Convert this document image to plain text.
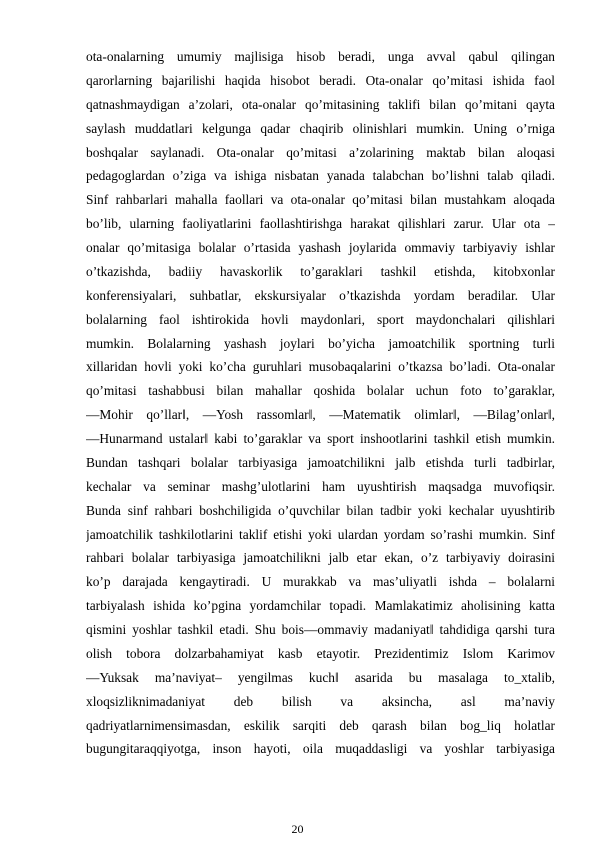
ota-onalarning umumiy majlisiga hisob beradi, unga avval qabul qilingan
qarorlarning bajarilishi haqida hisobot beradi. Ota-onalar qo’mitasi ishida faol
qatnashmaydigan a’zolari, ota-onalar qo’mitasining taklifi bilan qo’mitani qayta
saylash muddatlari kelgunga qadar chaqirib olinishlari mumkin. Uning o’rniga
boshqalar saylanadi. Ota-onalar qo’mitasi a’zolarining maktab bilan aloqasi
pedagoglardan o’ziga va ishiga nisbatan yanada talabchan bo’lishni talab qiladi.
Sinf rahbarlari mahalla faollari va ota-onalar qo’mitasi bilan mustahkam aloqada
bo’lib, ularning faoliyatlarini faollashtirishga harakat qilishlari zarur. Ular ota –
onalar qo’mitasiga bolalar o’rtasida yashash joylarida ommaviy tarbiyaviy ishlar
o’tkazishda, badiiy havaskorlik to’garaklari tashkil etishda, kitobxonlar
konferensiyalari, suhbatlar, ekskursiyalar o’tkazishda yordam beradilar. Ular
bolalarning faol ishtirokida hovli maydonlari, sport maydonchalari qilishlari
mumkin. Bolalarning yashash joylari bo’yicha jamoatchilik sportning turli
xillaridan hovli yoki ko’cha guruhlari musobaqalarini o’tkazsa bo’ladi. Ota-onalar
qo’mitasi tashabbusi bilan mahallar qoshida bolalar uchun foto to’garaklar,
―Mohir qo’llar‖, ―Yosh rassomlar‖, ―Matematik olimlar‖, ―Bilag’onlar‖,
―Hunarmand ustalar‖ kabi to’garaklar va sport inshootlarini tashkil etish mumkin.
Bundan tashqari bolalar tarbiyasiga jamoatchilikni jalb etishda turli tadbirlar,
kechalar va seminar mashg’ulotlarini ham uyushtirish maqsadga muvofiqsir.
Bunda sinf rahbari boshchiligida o’quvchilar bilan tadbir yoki kechalar uyushtirib
jamoatchilik tashkilotlarini taklif etishi yoki ulardan yordam so’rashi mumkin. Sinf
rahbari bolalar tarbiyasiga jamoatchilikni jalb etar ekan, o’z tarbiyaviy doirasini
ko’p darajada kengaytiradi. U murakkab va mas’uliyatli ishda – bolalarni
tarbiyalash ishida ko’pgina yordamchilar topadi. Mamlakatimiz aholisining katta
qismini yoshlar tashkil etadi. Shu bois―ommaviy madaniyat‖ tahdidiga qarshi tura
olish tobora dolzarbahamiyat kasb etayotir. Prezidentimiz Islom Karimov
―Yuksak ma’naviyat– yengilmas kuch‖ asarida bu masalaga to_xtalib,
xloqsizliknimadaniyat deb bilish va aksincha, asl ma’naviy
qadriyatlarnimensimasdan, eskilik sarqiti deb qarash bilan bog_liq holatlar
bugungitaraqqiyotga, inson hayoti, oila muqaddasligi va yoshlar tarbiyasiga
20
